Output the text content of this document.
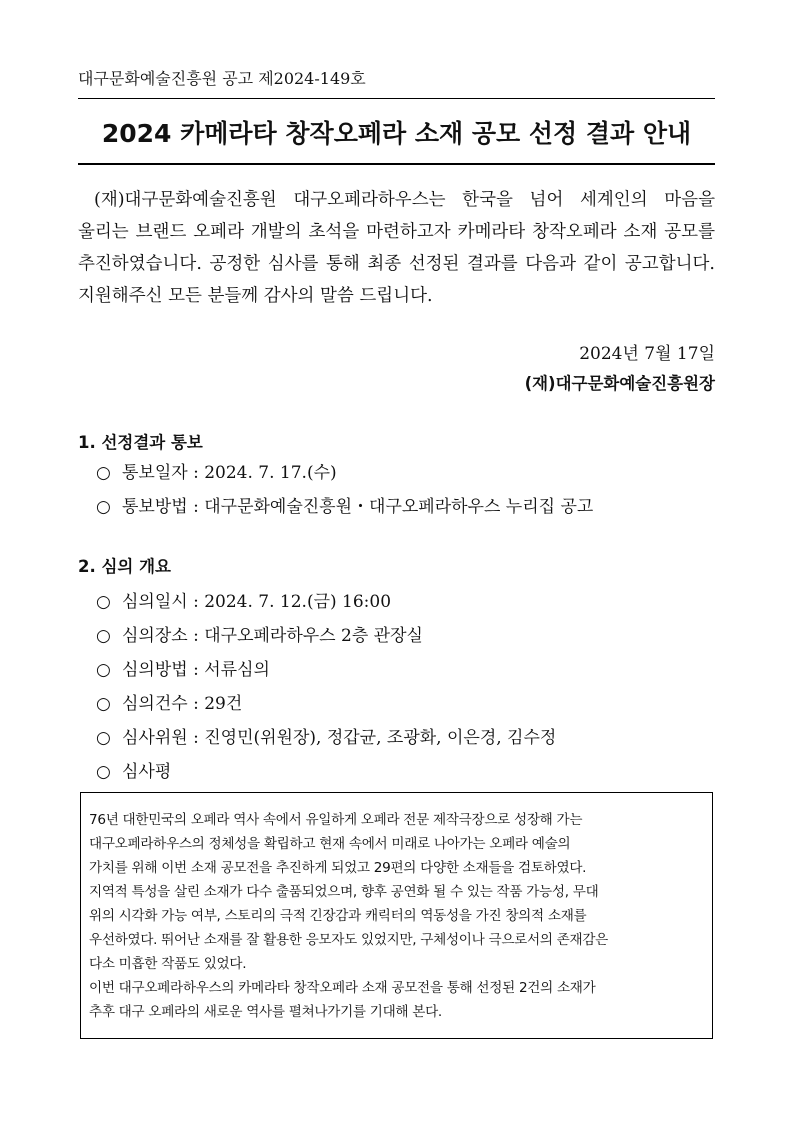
대구문화예술진흥원 공고 제2024-149호
2024 카메라타 창작오페라 소재 공모 선정 결과 안내

(재)대구문화예술진흥원 대구오페라하우스는 한국을 넘어 세계인의 마음을 울리는 브랜드 오페라 개발의 초석을 마련하고자 카메라타 창작오페라 소재 공모를 추진하였습니다. 공정한 심사를 통해 최종 선정된 결과를 다음과 같이 공고합니다. 지원해주신 모든 분들께 감사의 말씀 드립니다.

2024년 7월 17일
(재)대구문화예술진흥원장
1. 선정결과 통보
○ 통보일자 : 2024. 7. 17.(수)
○ 통보방법 : 대구문화예술진흥원・대구오페라하우스 누리집 공고
2. 심의 개요
○ 심의일시 : 2024. 7. 12.(금) 16:00
○ 심의장소 : 대구오페라하우스 2층 관장실
○ 심의방법 : 서류심의
○ 심의건수 : 29건
○ 심사위원 : 진영민(위원장), 정갑균, 조광화, 이은경, 김수정
○ 심사평

76년 대한민국의 오페라 역사 속에서 유일하게 오페라 전문 제작극장으로 성장해 가는

대구오페라하우스의 정체성을 확립하고 현재 속에서 미래로 나아가는 오페라 예술의

가치를 위해 이번 소재 공모전을 추진하게 되었고 29편의 다양한 소재들을 검토하였다.

지역적 특성을 살린 소재가 다수 출품되었으며, 향후 공연화 될 수 있는 작품 가능성, 무대

위의 시각화 가능 여부, 스토리의 극적 긴장감과 캐릭터의 역동성을 가진 창의적 소재를

우선하였다. 뛰어난 소재를 잘 활용한 응모자도 있었지만, 구체성이나 극으로서의 존재감은

다소 미흡한 작품도 있었다.

이번 대구오페라하우스의 카메라타 창작오페라 소재 공모전을 통해 선정된 2건의 소재가

추후 대구 오페라의 새로운 역사를 펼쳐나가기를 기대해 본다.
